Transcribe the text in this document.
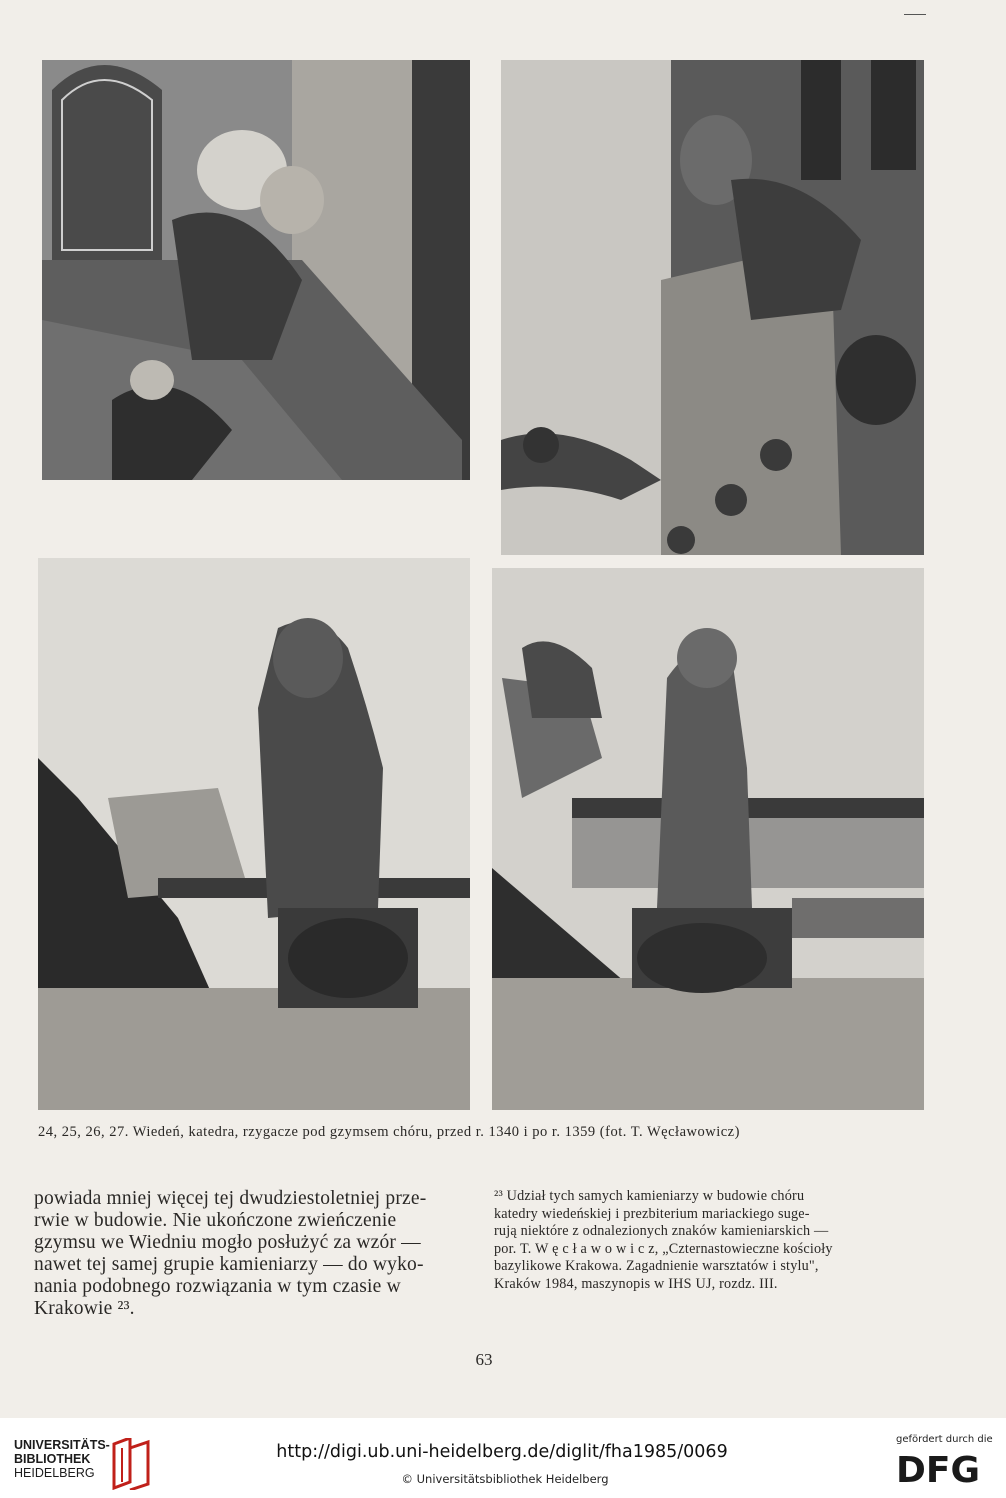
24, 25, 26, 27. Wiedeń, katedra, rzygacze pod gzymsem chóru, przed r. 1340 i po r. 1359 (fot. T. Węcławowicz)
powiada mniej więcej tej dwudziestoletniej prze-
rwie w budowie. Nie ukończone zwieńczenie
gzymsu we Wiedniu mogło posłużyć za wzór —
nawet tej samej grupie kamieniarzy — do wyko-
nania podobnego rozwiązania w tym czasie w
Krakowie ²³.
²³ Udział tych samych kamieniarzy w budowie chóru
katedry wiedeńskiej i prezbiterium mariackiego suge-
rują niektóre z odnalezionych znaków kamieniarskich —
por. T. W ę c ł a w o w i c z, „Czternastowieczne kościoły
bazylikowe Krakowa. Zagadnienie warsztatów i stylu",
Kraków 1984, maszynopis w IHS UJ, rozdz. III.
63
UNIVERSITÄTS-
BIBLIOTHEK
HEIDELBERG
http://digi.ub.uni-heidelberg.de/diglit/fha1985/0069
© Universitätsbibliothek Heidelberg
gefördert durch die
DFG
